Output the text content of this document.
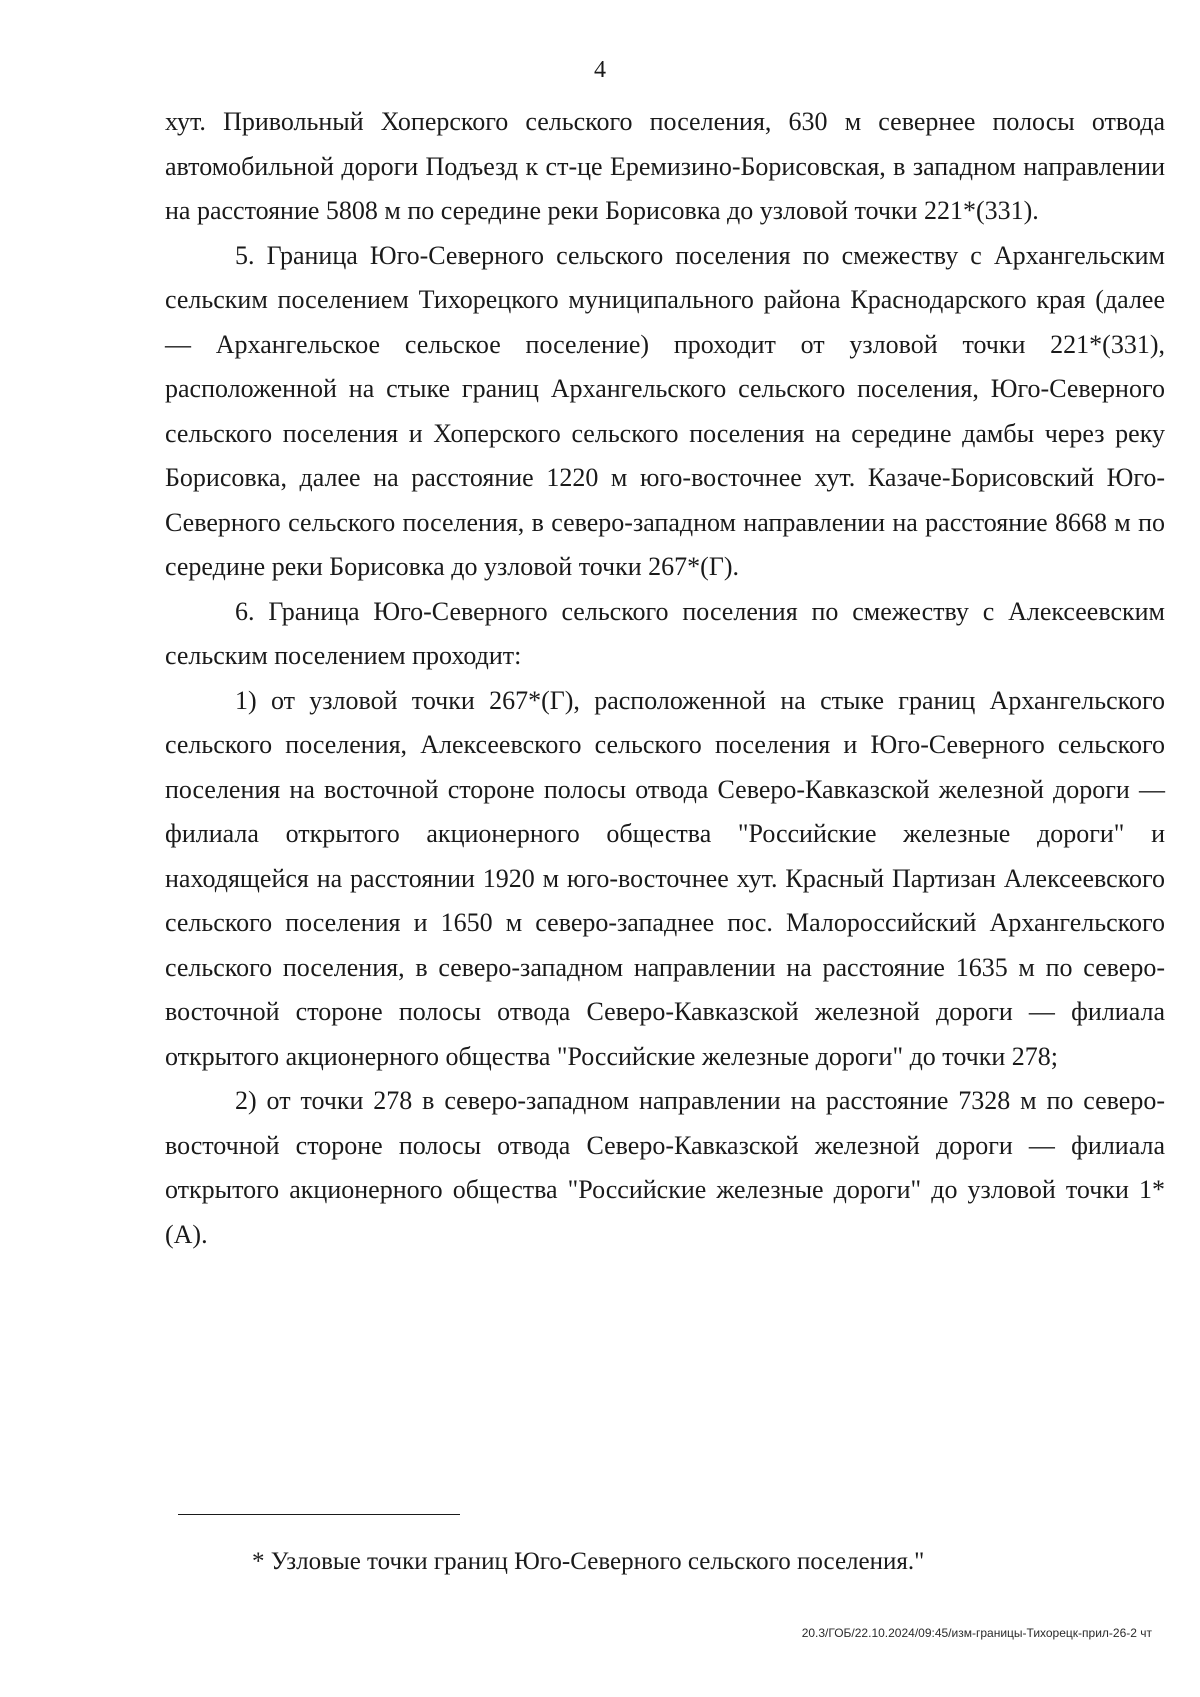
4

хут. Привольный Хоперского сельского поселения, 630 м севернее полосы отвода автомобильной дороги Подъезд к ст-це Еремизино-Борисовская, в западном направлении на расстояние 5808 м по середине реки Борисовка до узловой точки 221*(331).

5. Граница Юго-Северного сельского поселения по смежеству с Архангельским сельским поселением Тихорецкого муниципального района Краснодарского края (далее — Архангельское сельское поселение) проходит от узловой точки 221*(331), расположенной на стыке границ Архангельского сельского поселения, Юго-Северного сельского поселения и Хоперского сельского поселения на середине дамбы через реку Борисовка, далее на расстояние 1220 м юго-восточнее хут. Казаче-Борисовский Юго-Северного сельского поселения, в северо-западном направлении на расстояние 8668 м по середине реки Борисовка до узловой точки 267*(Г).

6. Граница Юго-Северного сельского поселения по смежеству с Алексеевским сельским поселением проходит:

1) от узловой точки 267*(Г), расположенной на стыке границ Архангельского сельского поселения, Алексеевского сельского поселения и Юго-Северного сельского поселения на восточной стороне полосы отвода Северо-Кавказской железной дороги — филиала открытого акционерного общества "Российские железные дороги" и находящейся на расстоянии 1920 м юго-восточнее хут. Красный Партизан Алексеевского сельского поселения и 1650 м северо-западнее пос. Малороссийский Архангельского сельского поселения, в северо-западном направлении на расстояние 1635 м по северо-восточной стороне полосы отвода Северо-Кавказской железной дороги — филиала открытого акционерного общества "Российские железные дороги" до точки 278;

2) от точки 278 в северо-западном направлении на расстояние 7328 м по северо-восточной стороне полосы отвода Северо-Кавказской железной дороги — филиала открытого акционерного общества "Российские железные дороги" до узловой точки 1*(А).

* Узловые точки границ Юго-Северного сельского поселения."
20.3/ГОБ/22.10.2024/09:45/изм-границы-Тихорецк-прил-26-2 чт
